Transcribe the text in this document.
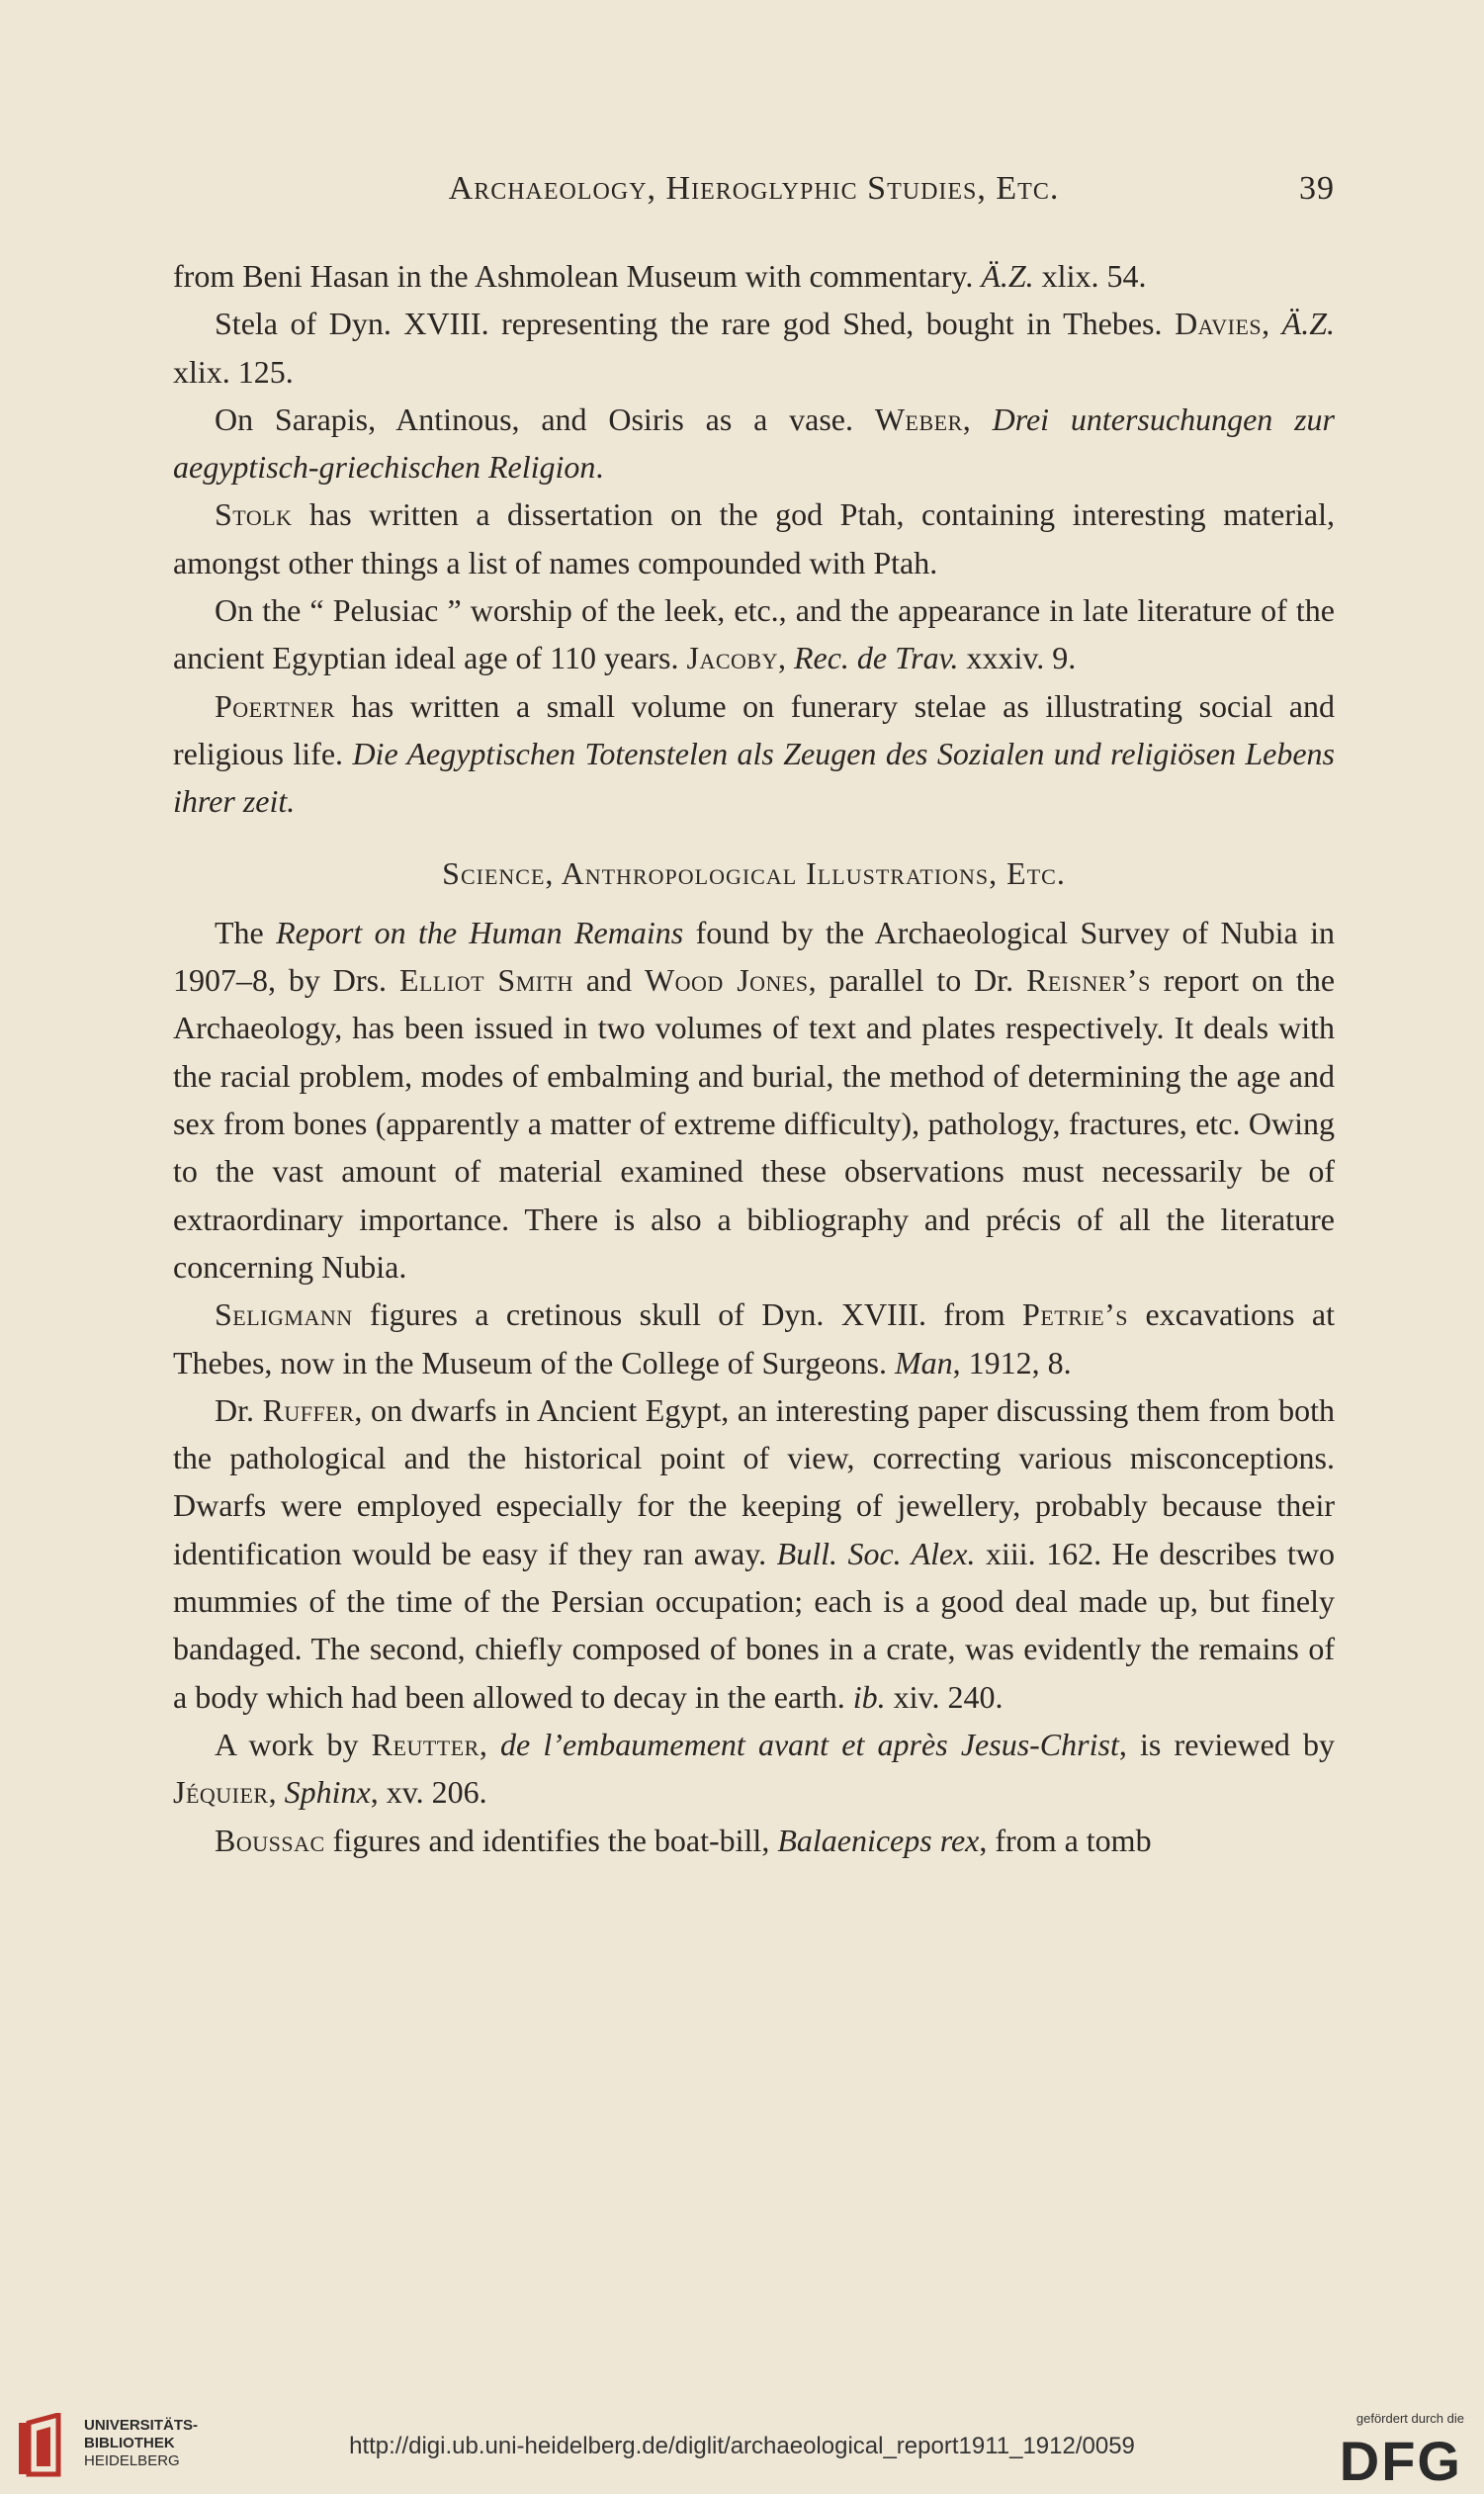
Archaeology, Hieroglyphic Studies, Etc.	39

from Beni Hasan in the Ashmolean Museum with commentary. Ä.Z. xlix. 54.

Stela of Dyn. XVIII. representing the rare god Shed, bought in Thebes. Davies, Ä.Z. xlix. 125.

On Sarapis, Antinous, and Osiris as a vase. Weber, Drei untersuchungen zur aegyptisch-griechischen Religion.

Stolk has written a dissertation on the god Ptah, containing interesting material, amongst other things a list of names compounded with Ptah.

On the “ Pelusiac ” worship of the leek, etc., and the appearance in late literature of the ancient Egyptian ideal age of 110 years. Jacoby, Rec. de Trav. xxxiv. 9.

Poertner has written a small volume on funerary stelae as illustrating social and religious life. Die Aegyptischen Totenstelen als Zeugen des Sozialen und religiösen Lebens ihrer zeit.

Science, Anthropological Illustrations, Etc.

The Report on the Human Remains found by the Archaeological Survey of Nubia in 1907–8, by Drs. Elliot Smith and Wood Jones, parallel to Dr. Reisner’s report on the Archaeology, has been issued in two volumes of text and plates respectively. It deals with the racial problem, modes of embalming and burial, the method of determining the age and sex from bones (apparently a matter of extreme difficulty), pathology, fractures, etc. Owing to the vast amount of material examined these observations must necessarily be of extraordinary importance. There is also a bibliography and précis of all the literature concerning Nubia.

Seligmann figures a cretinous skull of Dyn. XVIII. from Petrie’s excavations at Thebes, now in the Museum of the College of Surgeons. Man, 1912, 8.

Dr. Ruffer, on dwarfs in Ancient Egypt, an interesting paper discussing them from both the pathological and the historical point of view, correcting various misconceptions. Dwarfs were employed especially for the keeping of jewellery, probably because their identification would be easy if they ran away. Bull. Soc. Alex. xiii. 162. He describes two mummies of the time of the Persian occupation; each is a good deal made up, but finely bandaged. The second, chiefly composed of bones in a crate, was evidently the remains of a body which had been allowed to decay in the earth. ib. xiv. 240.

A work by Reutter, de l’embaumement avant et après Jesus-Christ, is reviewed by Jéquier, Sphinx, xv. 206.

Boussac figures and identifies the boat-bill, Balaeniceps rex, from a tomb

UNIVERSITÄTS-
BIBLIOTHEK
HEIDELBERG
http://digi.ub.uni-heidelberg.de/diglit/archaeological_report1911_1912/0059
gefördert durch die
DFG
